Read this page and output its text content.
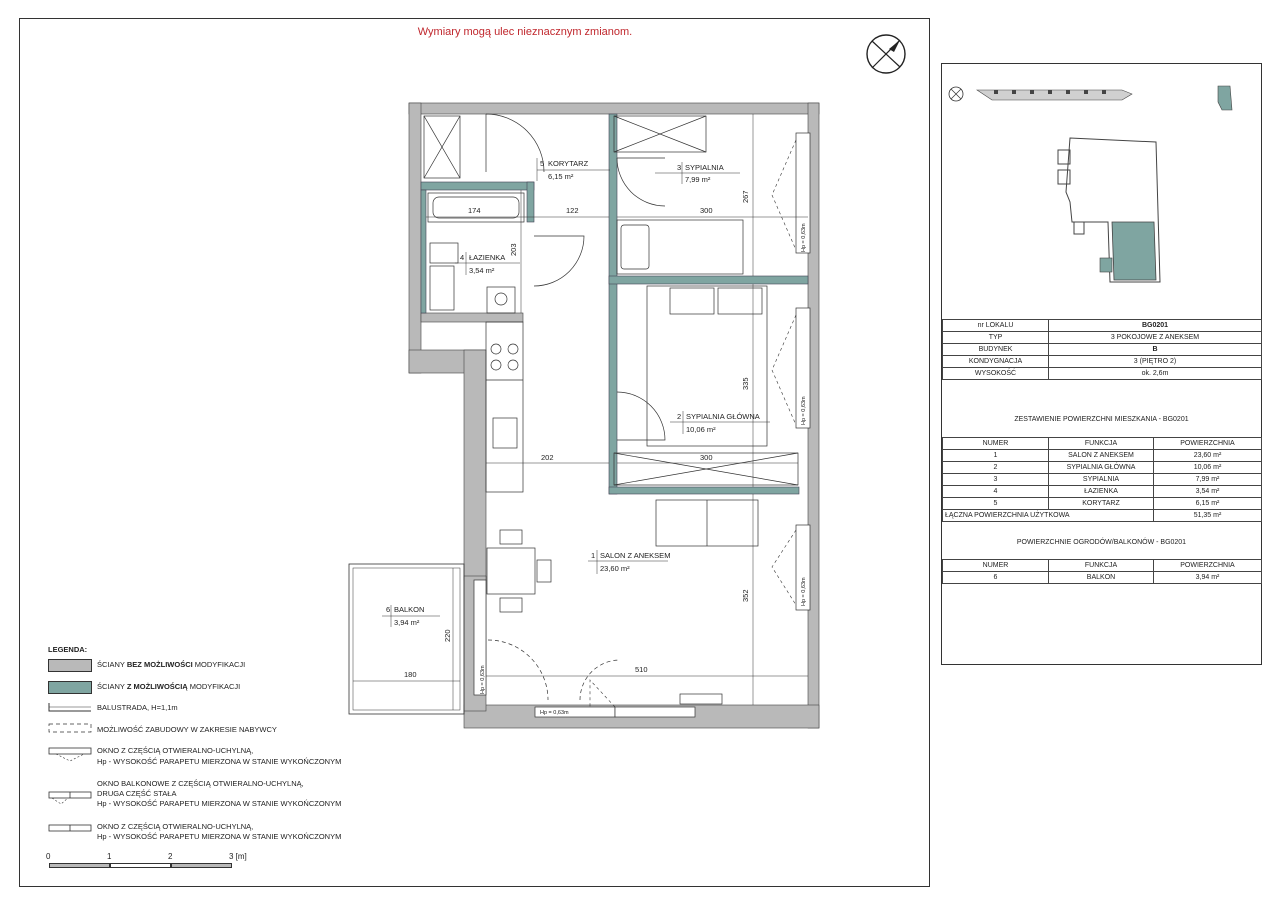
Wymiary mogą ulec nieznacznym zmianom.
174	122	300
267
203
335
202	300
352
510
220
180
Hp = 0,63m
Hp = 0,63m
Hp = 0,63m
Hp = 0,63m
Hp = 0,63m
5 KORYTARZ
6,15 m²
3 SYPIALNIA
7,99 m²
4 ŁAZIENKA
3,54 m²
2 SYPIALNIA GŁÓWNA
10,06 m²
1 SALON Z ANEKSEM
23,60 m²
6 BALKON
3,94 m²
LEGENDA:
ŚCIANY BEZ MOŻLIWOŚCI MODYFIKACJI
ŚCIANY Z MOŻLIWOŚCIĄ MODYFIKACJI
BALUSTRADA, H=1,1m
MOŻLIWOŚĆ ZABUDOWY W ZAKRESIE NABYWCY
OKNO Z CZĘŚCIĄ OTWIERALNO-UCHYLNĄ,
Hp - WYSOKOŚĆ PARAPETU MIERZONA W STANIE WYKOŃCZONYM
OKNO BALKONOWE Z CZĘŚCIĄ OTWIERALNO-UCHYLNĄ,
DRUGA CZĘŚĆ STAŁA
Hp - WYSOKOŚĆ PARAPETU MIERZONA W STANIE WYKOŃCZONYM
OKNO Z CZĘŚCIĄ OTWIERALNO-UCHYLNĄ,
Hp - WYSOKOŚĆ PARAPETU MIERZONA W STANIE WYKOŃCZONYM
0	1	2	3 [m]
nr LOKALU	BG0201
TYP	3 POKOJOWE Z ANEKSEM
BUDYNEK	B
KONDYGNACJA	3 (PIĘTRO 2)
WYSOKOŚĆ	ok. 2,6m
ZESTAWIENIE POWIERZCHNI MIESZKANIA - BG0201
NUMER	FUNKCJA	POWIERZCHNIA
1	SALON Z ANEKSEM	23,60 m²
2	SYPIALNIA GŁÓWNA	10,06 m²
3	SYPIALNIA	7,99 m²
4	ŁAZIENKA	3,54 m²
5	KORYTARZ	6,15 m²
ŁĄCZNA POWIERZCHNIA UŻYTKOWA		51,35 m²
POWIERZCHNIE OGRODÓW/BALKONÓW - BG0201
NUMER	FUNKCJA	POWIERZCHNIA
6	BALKON	3,94 m²
